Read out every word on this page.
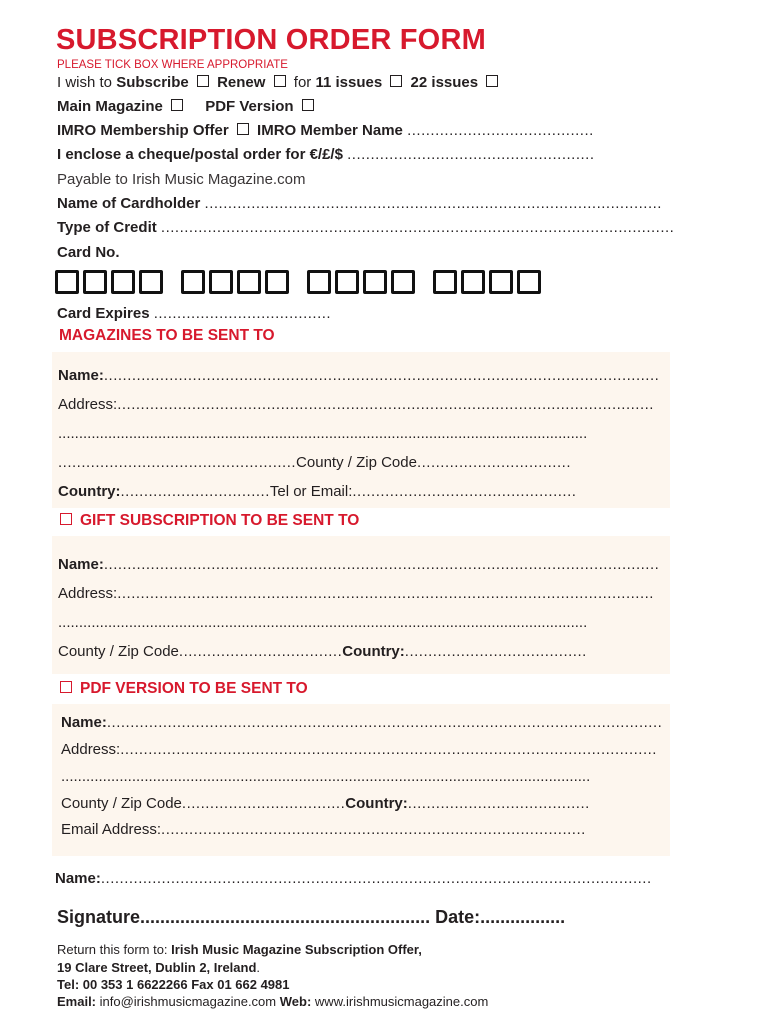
SUBSCRIPTION ORDER FORM
PLEASE TICK BOX WHERE APPROPRIATE
I wish to Subscribe Renew for 11 issues 22 issues
Main Magazine	PDF Version
IMRO Membership Offer IMRO Member Name ........................................
I enclose a cheque/postal order for €/£/$ .....................................................
Payable to Irish Music Magazine.com
Name of Cardholder ..................................................................................................
Type of Credit ..............................................................................................................
Card No.
Card Expires ......................................
MAGAZINES TO BE SENT TO
Name:.......................................................................................................................
Address:...................................................................................................................
...............................................................................................................................
...................................................County / Zip Code.................................
Country:................................Tel or Email:................................................
GIFT SUBSCRIPTION TO BE SENT TO
Name:.......................................................................................................................
Address:...................................................................................................................
...............................................................................................................................
County / Zip Code...................................Country:.......................................
PDF VERSION TO BE SENT TO
Name:.......................................................................................................................
Address:...................................................................................................................
...............................................................................................................................
County / Zip Code...................................Country:.......................................
Email Address:...........................................................................................
Name:......................................................................................................................
Signature.......................................................... Date:.................
Return this form to: Irish Music Magazine Subscription Offer,
19 Clare Street, Dublin 2, Ireland.
Tel: 00 353 1 6622266 Fax 01 662 4981
Email: info@irishmusicmagazine.com Web: www.irishmusicmagazine.com
